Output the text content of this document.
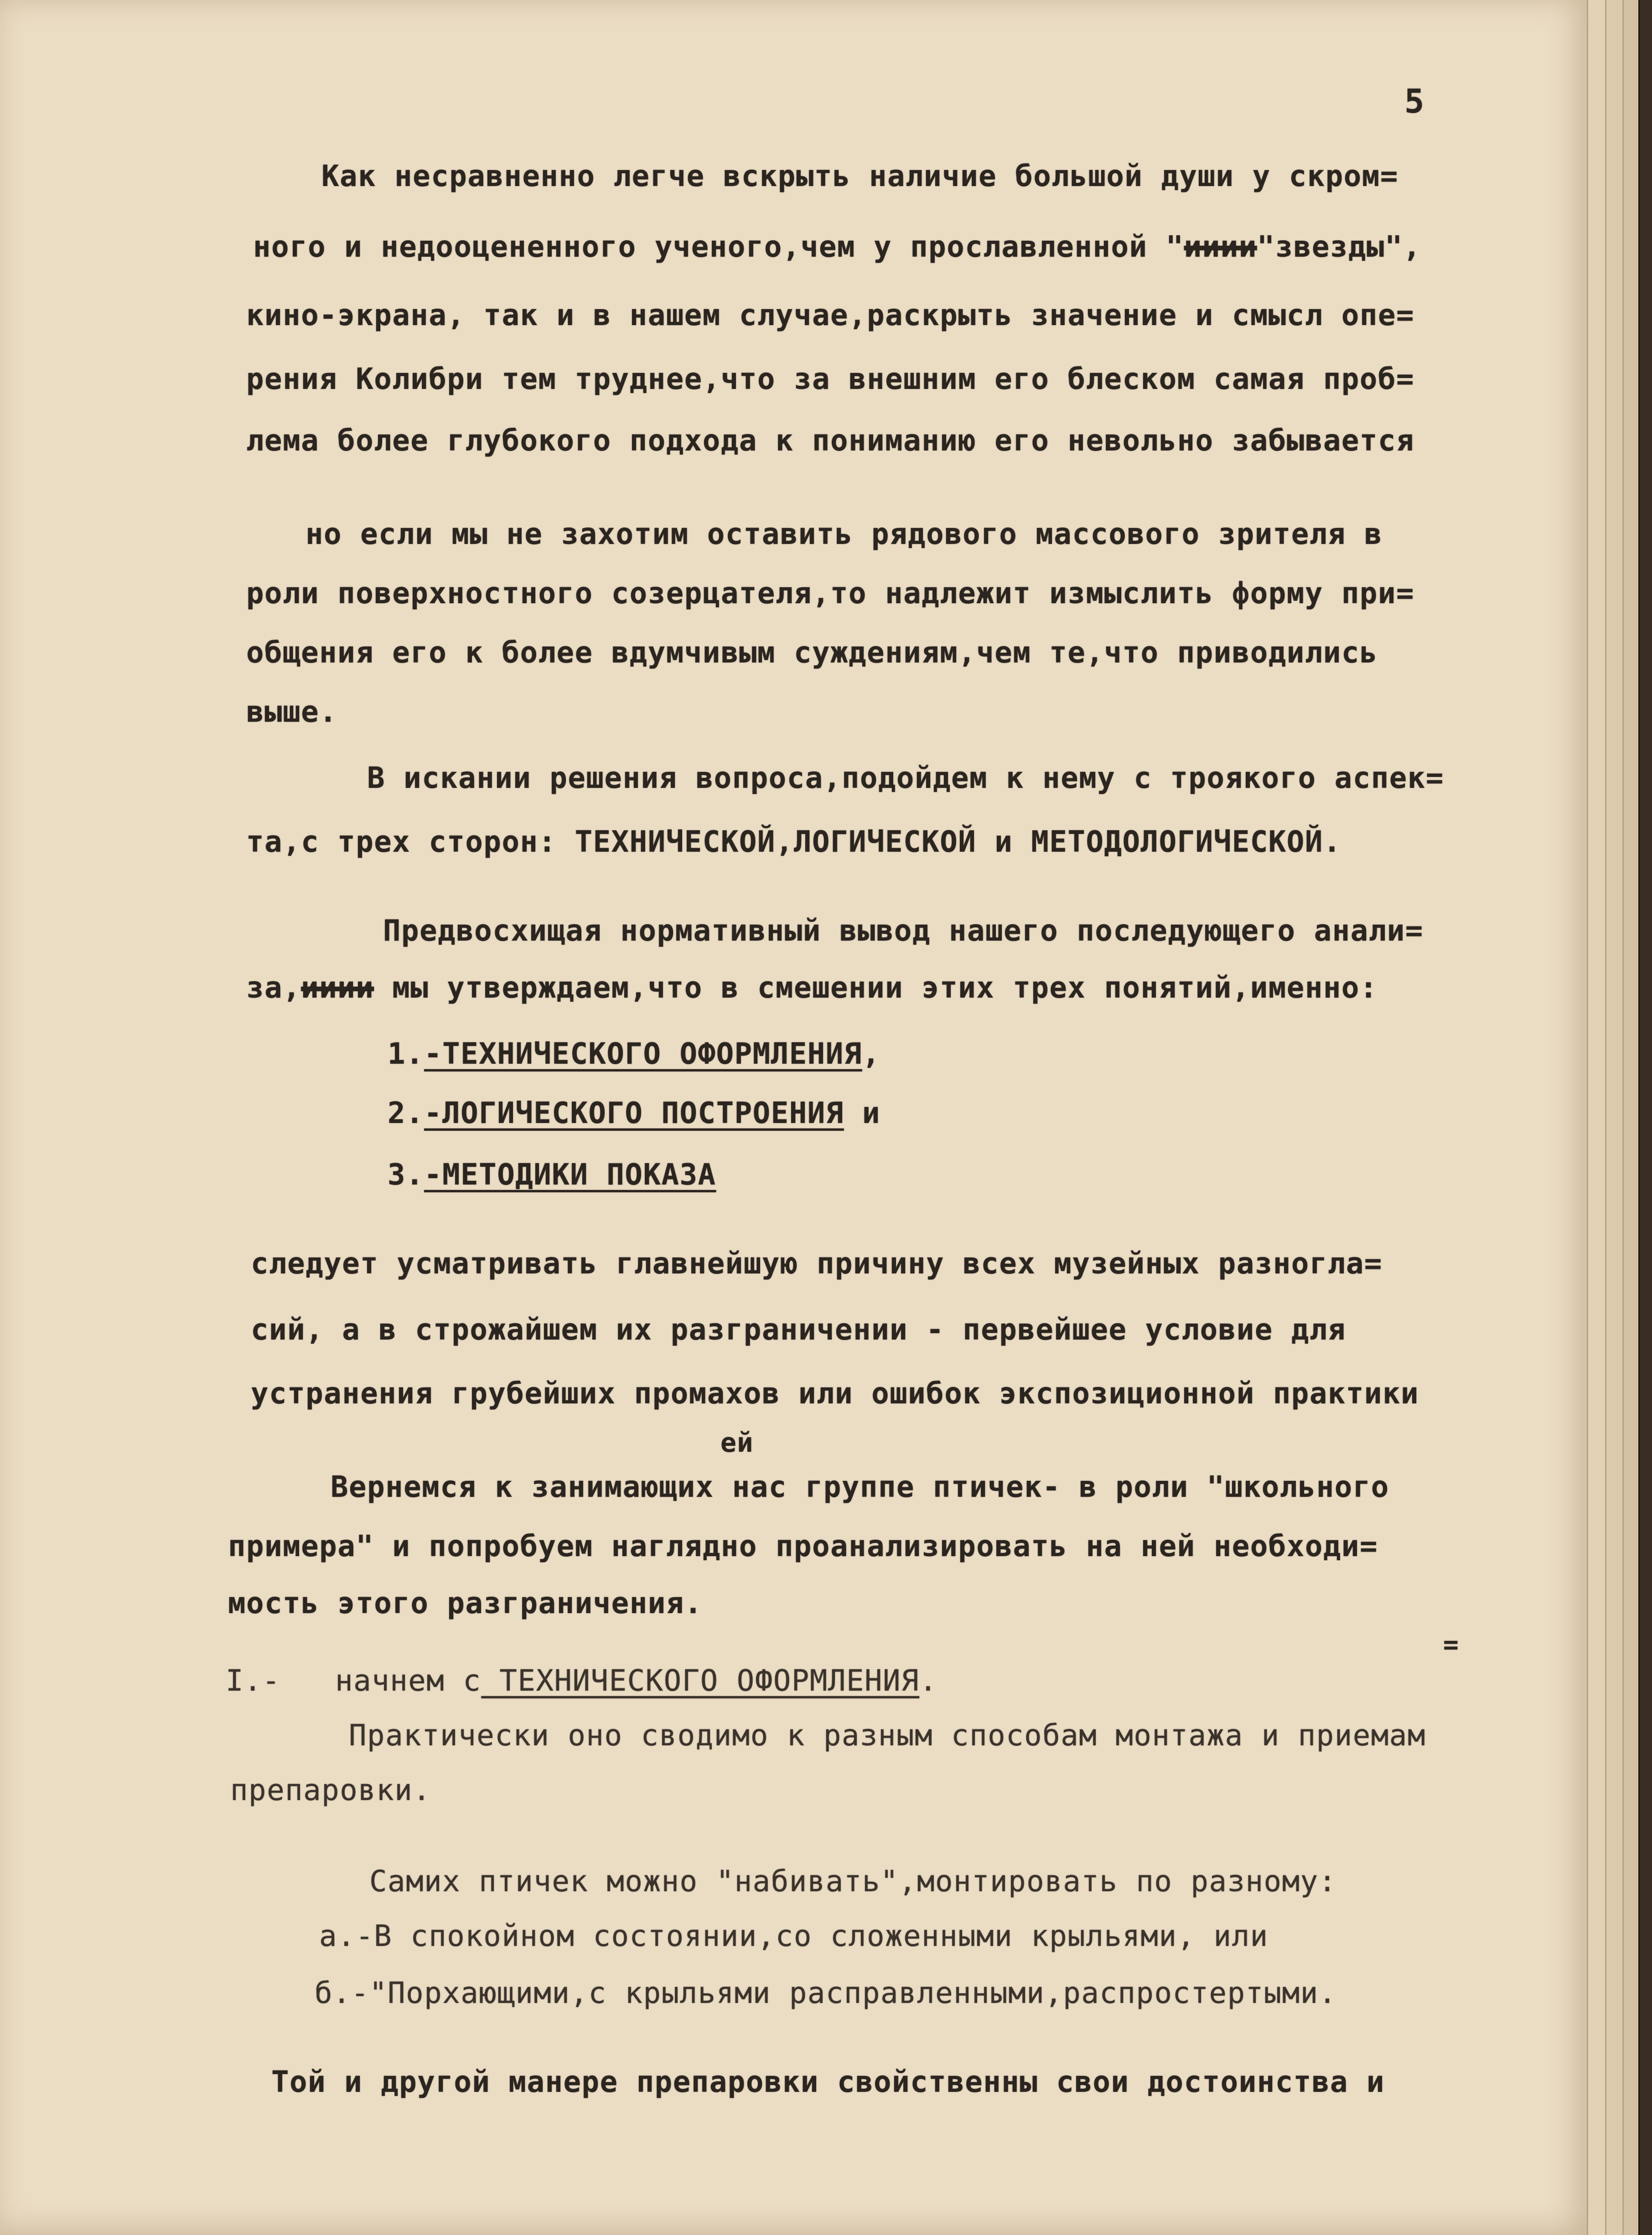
5
Как несравненно легче вскрыть наличие большой души у скром=
ного и недооцененного ученого,чем у прославленной "ииии"звезды",
кино-экрана, так и в нашем случае,раскрыть значение и смысл опе=
рения Колибри тем труднее,что за внешним его блеском самая проб=
лема более глубокого подхода к пониманию его невольно забывается
но если мы не захотим оставить рядового массового зрителя в
роли поверхностного созерцателя,то надлежит измыслить форму при=
общения его к более вдумчивым суждениям,чем те,что приводились
выше.
В искании решения вопроса,подойдем к нему с троякого аспек=
та,с трех сторон: ТЕХНИЧЕСКОЙ,ЛОГИЧЕСКОЙ и МЕТОДОЛОГИЧЕСКОЙ.
Предвосхищая нормативный вывод нашего последующего анали=
за,ииии мы утверждаем,что в смешении этих трех понятий,именно:
1.-ТЕХНИЧЕСКОГО ОФОРМЛЕНИЯ,
2.-ЛОГИЧЕСКОГО ПОСТРОЕНИЯ и
3.-МЕТОДИКИ ПОКАЗА
следует усматривать главнейшую причину всех музейных разногла=
сий, а в строжайшем их разграничении - первейшее условие для
устранения грубейших промахов или ошибок экспозиционной практики
ей
Вернемся к занимающих нас группе птичек- в роли "школьного
примера" и попробуем наглядно проанализировать на ней необходи=
мость этого разграничения.
I.- начнем с ТЕХНИЧЕСКОГО ОФОРМЛЕНИЯ.
=
Практически оно сводимо к разным способам монтажа и приемам
препаровки.
Самих птичек можно "набивать",монтировать по разному:
а.-В спокойном состоянии,со сложенными крыльями, или
б.-"Порхающими,с крыльями расправленными,распростертыми.
Той и другой манере препаровки свойственны свои достоинства и
